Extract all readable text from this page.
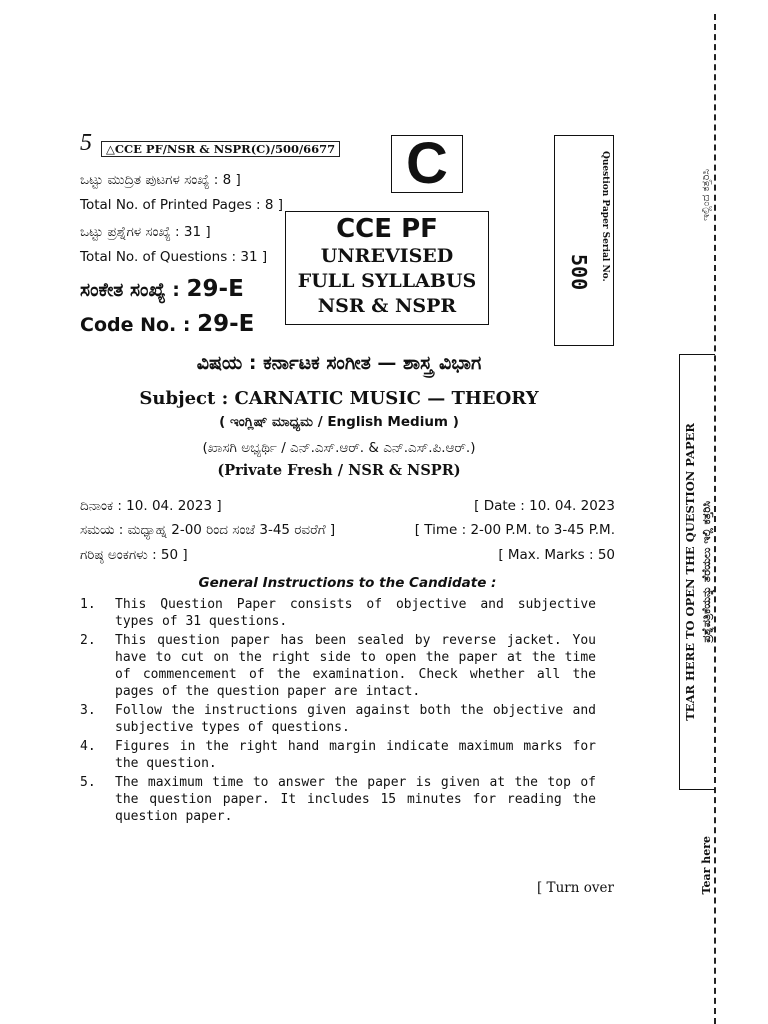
5	△CCE PF/NSR & NSPR(C)/500/6677
ಒಟ್ಟು ಮುದ್ರಿತ ಪುಟಗಳ ಸಂಖ್ಯೆ : 8 ]
Total No. of Printed Pages : 8 ]
ಒಟ್ಟು ಪ್ರಶ್ನೆಗಳ ಸಂಖ್ಯೆ : 31 ]
Total No. of Questions : 31 ]
ಸಂಕೇತ ಸಂಖ್ಯೆ : 29-E
Code No. : 29-E
C
CCE PF
UNREVISED
FULL SYLLABUS
NSR & NSPR
Question Paper Serial No.
500
ವಿಷಯ : ಕರ್ನಾಟಕ ಸಂಗೀತ — ಶಾಸ್ತ್ರ ವಿಭಾಗ
Subject : CARNATIC MUSIC — THEORY
( ಇಂಗ್ಲಿಷ್ ಮಾಧ್ಯಮ / English Medium )
(ಖಾಸಗಿ ಅಭ್ಯರ್ಥಿ / ಎನ್.ಎಸ್.ಆರ್. & ಎನ್.ಎಸ್.ಪಿ.ಆರ್.)
(Private Fresh / NSR & NSPR)
ದಿನಾಂಕ : 10. 04. 2023 ]	[ Date : 10. 04. 2023
ಸಮಯ : ಮಧ್ಯಾಹ್ನ 2-00 ರಿಂದ ಸಂಜೆ 3-45 ರವರೆಗೆ ]	[ Time : 2-00 P.M. to 3-45 P.M.
ಗರಿಷ್ಠ ಅಂಕಗಳು : 50 ]	[ Max. Marks : 50
General Instructions to the Candidate :
1.	This Question Paper consists of objective and subjective types of 31 questions.
2.	This question paper has been sealed by reverse jacket. You have to cut on the right side to open the paper at the time of commencement of the examination. Check whether all the pages of the question paper are intact.
3.	Follow the instructions given against both the objective and subjective types of questions.
4.	Figures in the right hand margin indicate maximum marks for the question.
5.	The maximum time to answer the paper is given at the top of the question paper. It includes 15 minutes for reading the question paper.
[ Turn over
ಇಲ್ಲಿಂದ ಕತ್ತರಿಸಿ
TEAR HERE TO OPEN THE QUESTION PAPER ಪ್ರಶ್ನೆಪತ್ರಿಕೆಯನ್ನು ತೆರೆಯಲು ಇಲ್ಲಿ ಕತ್ತರಿಸಿ
Tear here
